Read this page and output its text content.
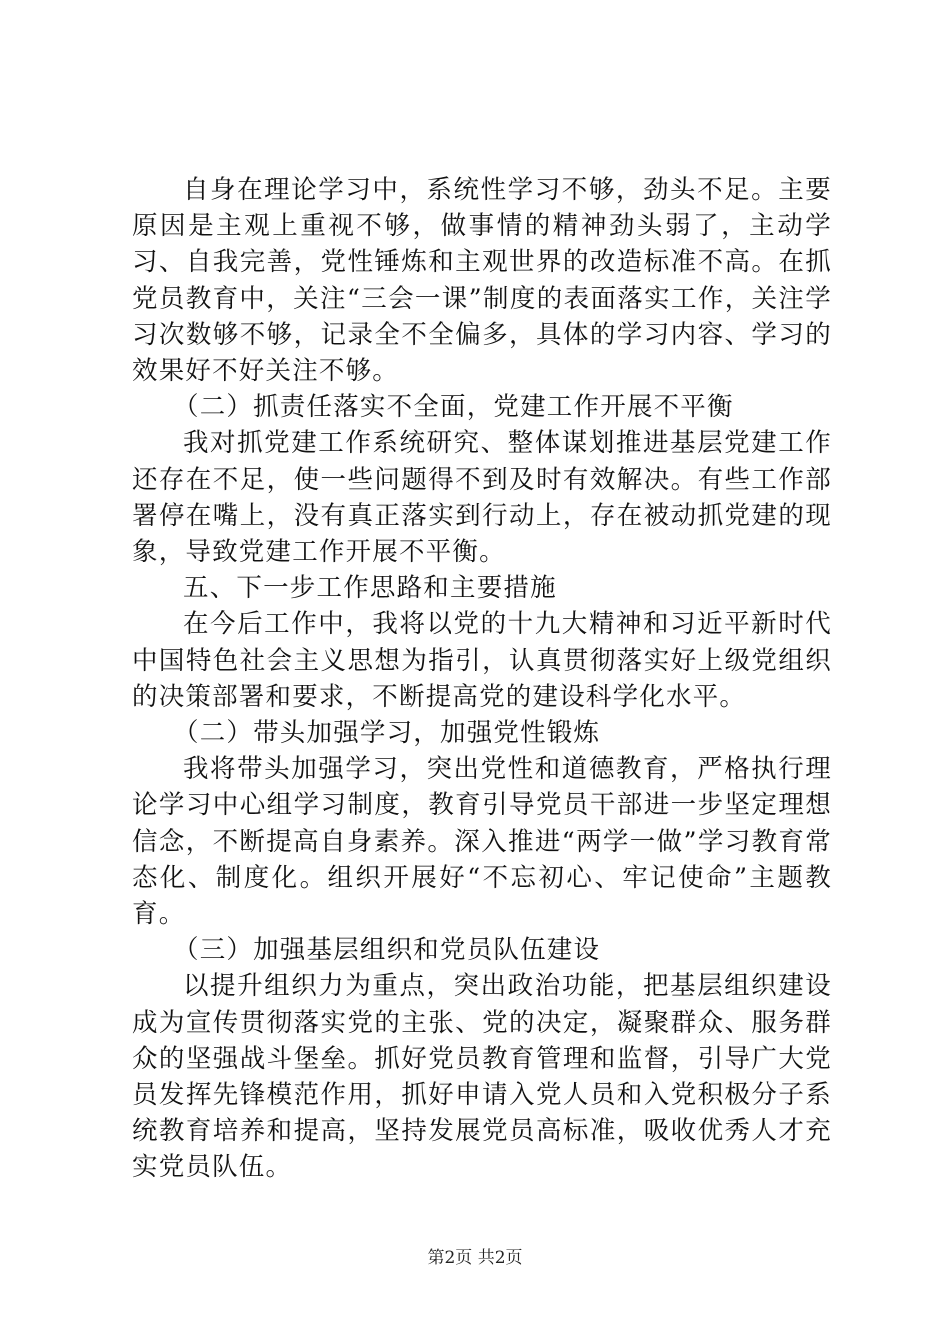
自身在理论学习中，系统性学习不够，劲头不足。主要原因是主观上重视不够，做事情的精神劲头弱了，主动学习、自我完善，党性锤炼和主观世界的改造标准不高。在抓党员教育中，关注“三会一课”制度的表面落实工作，关注学习次数够不够，记录全不全偏多，具体的学习内容、学习的效果好不好关注不够。

（二）抓责任落实不全面，党建工作开展不平衡

我对抓党建工作系统研究、整体谋划推进基层党建工作还存在不足，使一些问题得不到及时有效解决。有些工作部署停在嘴上，没有真正落实到行动上，存在被动抓党建的现象，导致党建工作开展不平衡。

五、下一步工作思路和主要措施

在今后工作中，我将以党的十九大精神和习近平新时代中国特色社会主义思想为指引，认真贯彻落实好上级党组织的决策部署和要求，不断提高党的建设科学化水平。

（二）带头加强学习，加强党性锻炼

我将带头加强学习，突出党性和道德教育，严格执行理论学习中心组学习制度，教育引导党员干部进一步坚定理想信念，不断提高自身素养。深入推进“两学一做”学习教育常态化、制度化。组织开展好“不忘初心、牢记使命”主题教育。

（三）加强基层组织和党员队伍建设

以提升组织力为重点，突出政治功能，把基层组织建设成为宣传贯彻落实党的主张、党的决定，凝聚群众、服务群众的坚强战斗堡垒。抓好党员教育管理和监督，引导广大党员发挥先锋模范作用，抓好申请入党人员和入党积极分子系统教育培养和提高，坚持发展党员高标准，吸收优秀人才充实党员队伍。

第2页 共2页
